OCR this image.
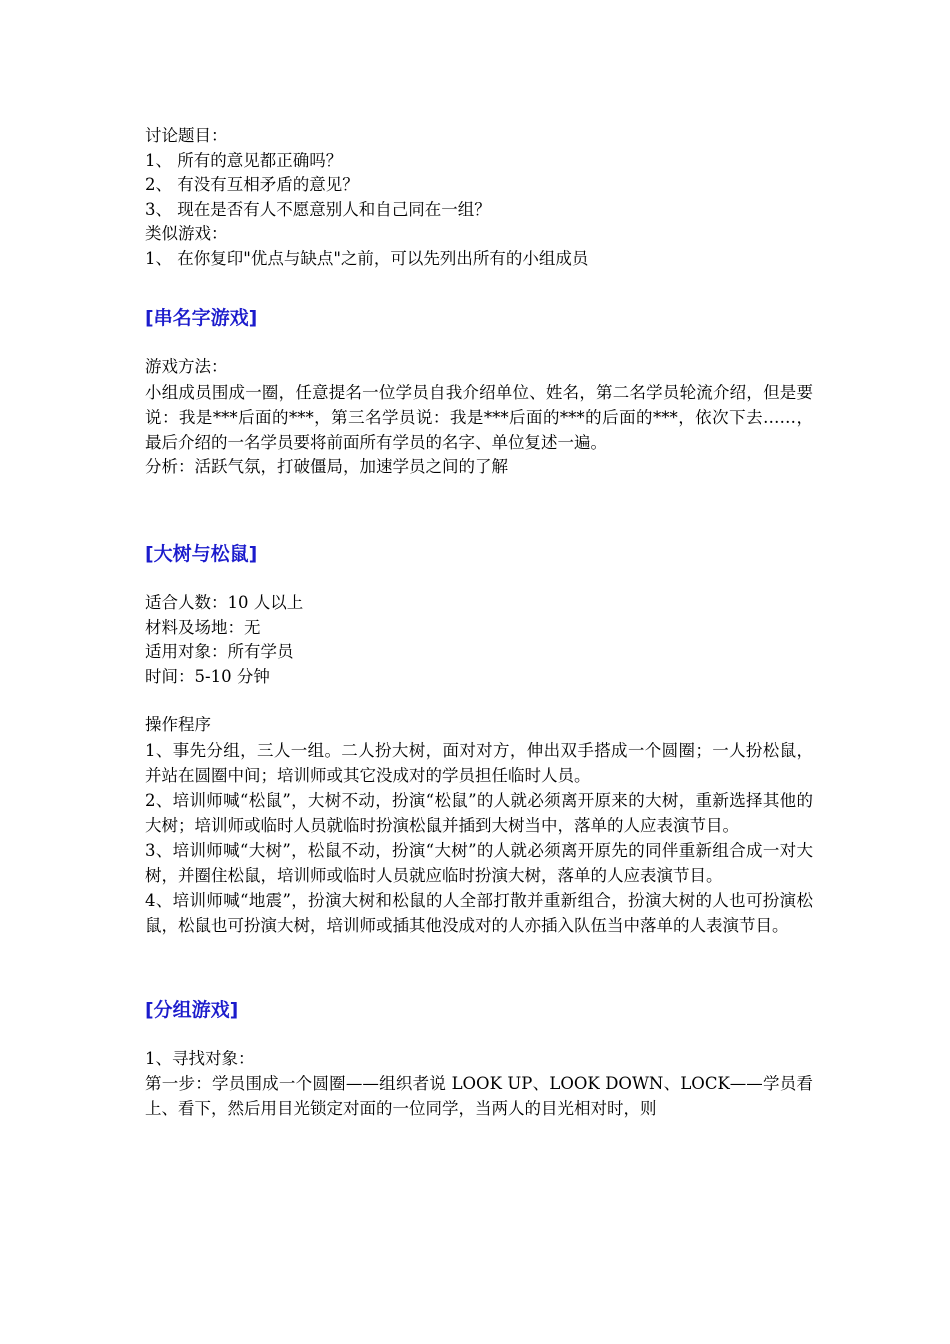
讨论题目：
1、 所有的意见都正确吗？
2、 有没有互相矛盾的意见？
3、 现在是否有人不愿意别人和自己同在一组？
类似游戏：
1、 在你复印"优点与缺点"之前，可以先列出所有的小组成员
[串名字游戏]
游戏方法：
小组成员围成一圈，任意提名一位学员自我介绍单位、姓名，第二名学员轮流介绍，但是要说：我是***后面的***，第三名学员说：我是***后面的***的后面的***，依次下去……，最后介绍的一名学员要将前面所有学员的名字、单位复述一遍。
分析：活跃气氛，打破僵局，加速学员之间的了解
[大树与松鼠]
适合人数：10 人以上
材料及场地：无
适用对象：所有学员
时间：5-10 分钟
操作程序
1、事先分组，三人一组。二人扮大树，面对对方，伸出双手搭成一个圆圈；一人扮松鼠，并站在圆圈中间；培训师或其它没成对的学员担任临时人员。
2、培训师喊“松鼠”，大树不动，扮演“松鼠”的人就必须离开原来的大树，重新选择其他的大树；培训师或临时人员就临时扮演松鼠并插到大树当中，落单的人应表演节目。
3、培训师喊“大树”，松鼠不动，扮演“大树”的人就必须离开原先的同伴重新组合成一对大树，并圈住松鼠，培训师或临时人员就应临时扮演大树，落单的人应表演节目。
4、培训师喊“地震”，扮演大树和松鼠的人全部打散并重新组合，扮演大树的人也可扮演松鼠，松鼠也可扮演大树，培训师或插其他没成对的人亦插入队伍当中落单的人表演节目。
[分组游戏]
1、寻找对象：
第一步：学员围成一个圆圈——组织者说 LOOK UP、LOOK DOWN、LOCK——学员看上、看下，然后用目光锁定对面的一位同学，当两人的目光相对时，则
